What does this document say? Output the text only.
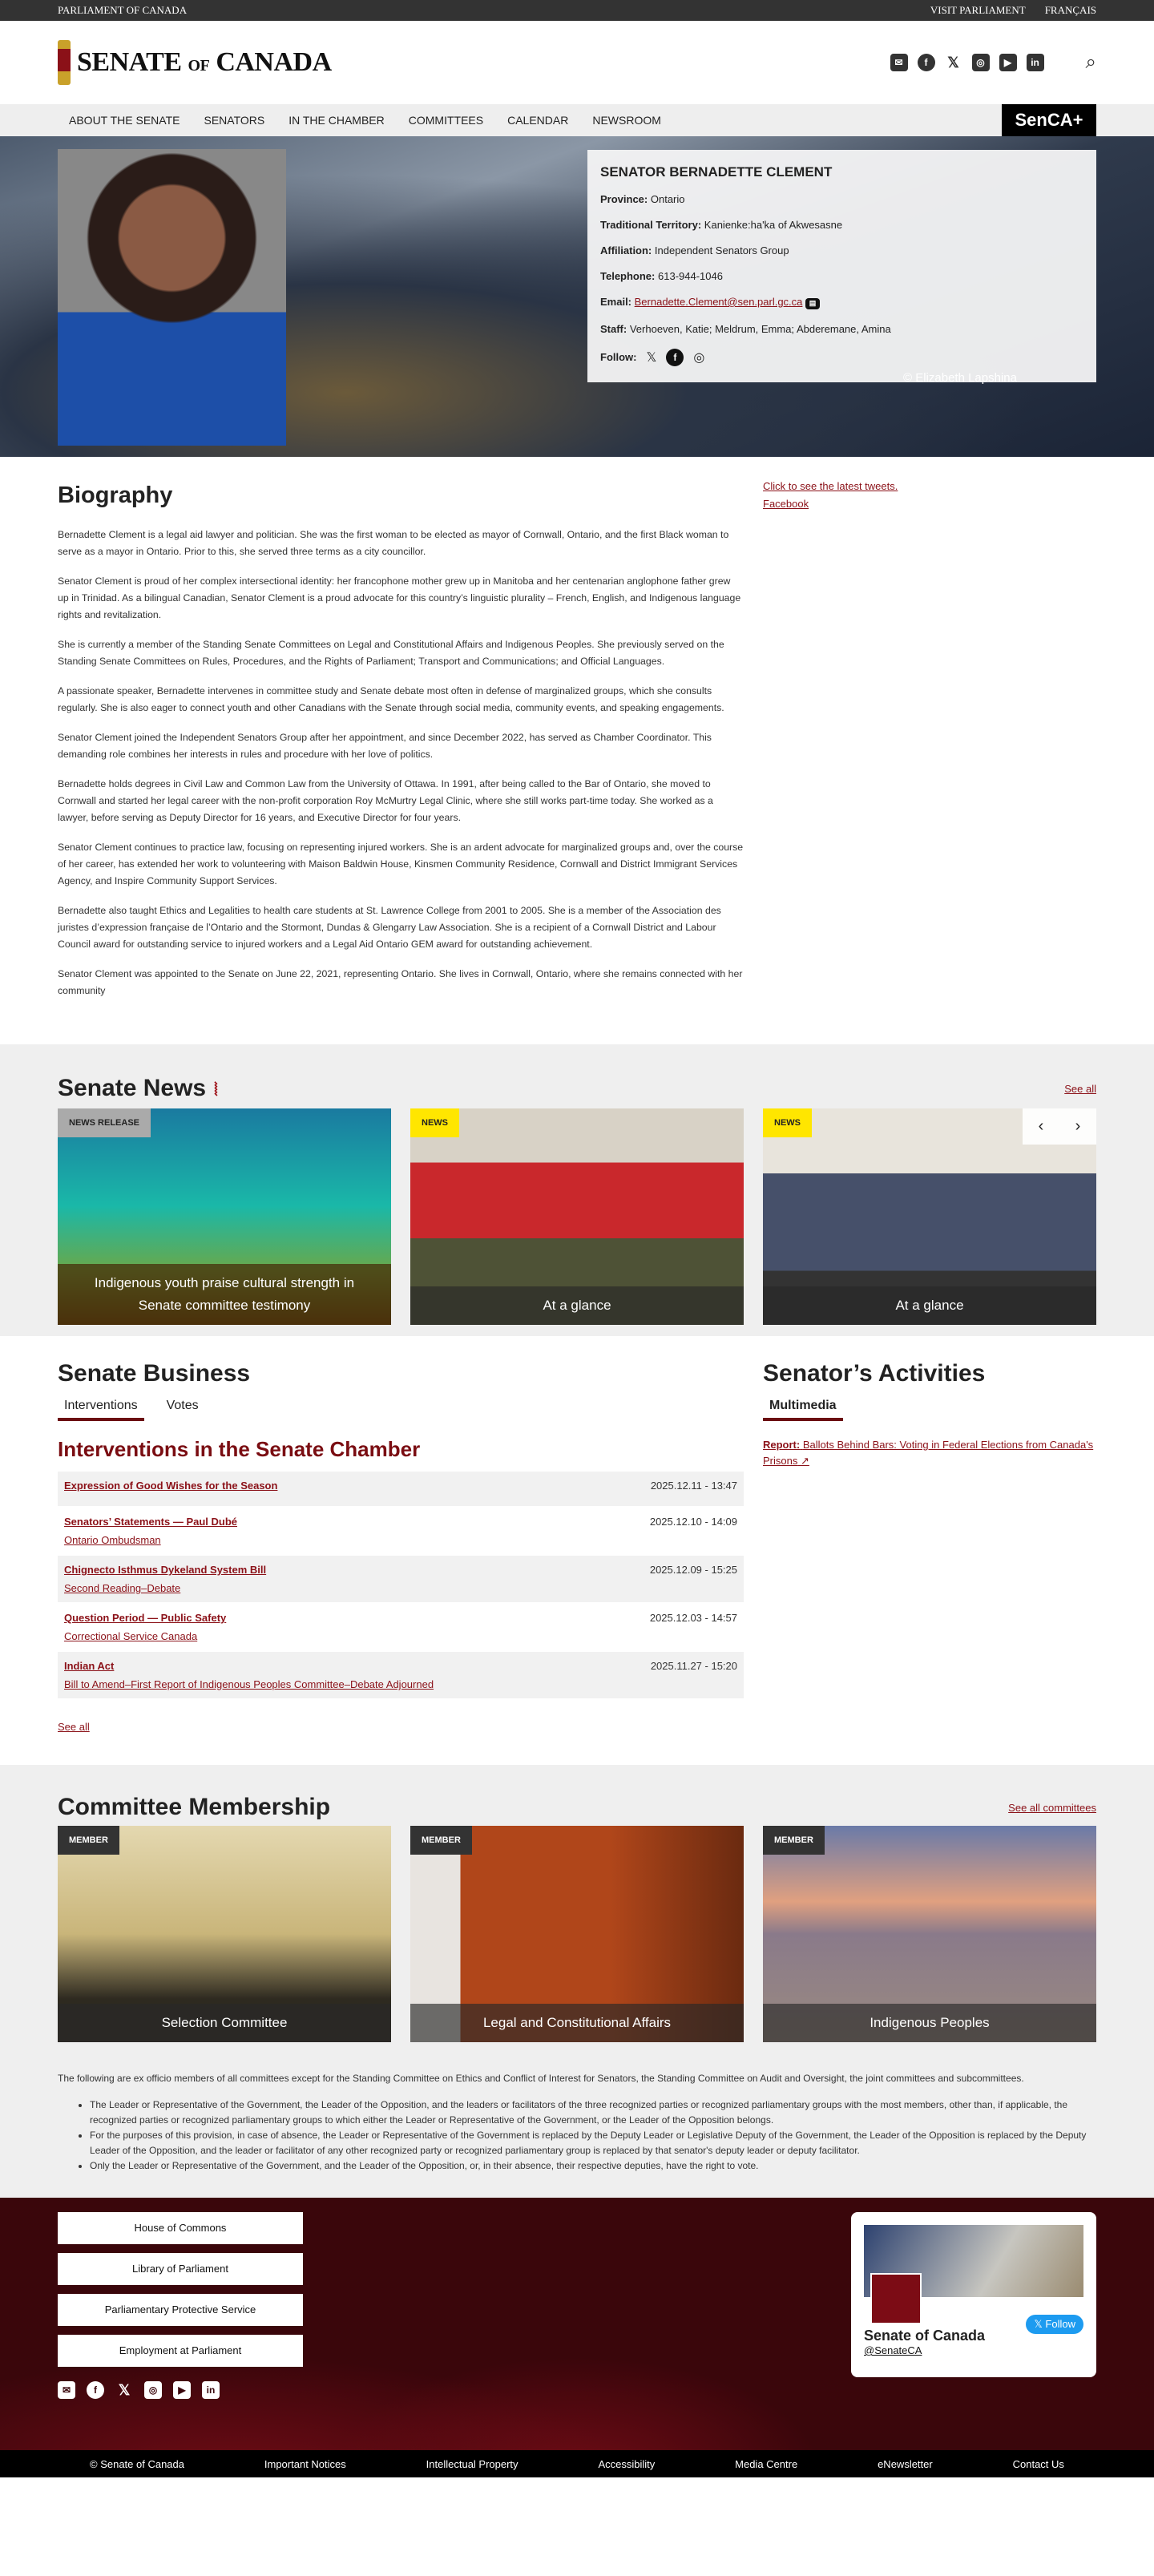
PARLIAMENT OF CANADA	VISIT PARLIAMENT FRANÇAIS
SENATE OF CANADA	✉	f	𝕏	◎	▶	in ⌕
ABOUT THE SENATE SENATORS IN THE CHAMBER COMMITTEES CALENDAR NEWSROOM	SenCA+
SENATOR BERNADETTE CLEMENT

Province: Ontario

Traditional Territory: Kanienke:ha'ka of Akwesasne

Affiliation: Independent Senators Group

Telephone: 613-944-1046

Email: Bernadette.Clement@sen.parl.gc.ca ▤

Staff: Verhoeven, Katie; Meldrum, Emma; Abderemane, Amina

Follow: 𝕏	f	◎
© Elizabeth Lapshina
Biography

Bernadette Clement is a legal aid lawyer and politician. She was the first woman to be elected as mayor of Cornwall, Ontario, and the first Black woman to serve as a mayor in Ontario. Prior to this, she served three terms as a city councillor.

Senator Clement is proud of her complex intersectional identity: her francophone mother grew up in Manitoba and her centenarian anglophone father grew up in Trinidad. As a bilingual Canadian, Senator Clement is a proud advocate for this country’s linguistic plurality – French, English, and Indigenous language rights and revitalization.

She is currently a member of the Standing Senate Committees on Legal and Constitutional Affairs and Indigenous Peoples. She previously served on the Standing Senate Committees on Rules, Procedures, and the Rights of Parliament; Transport and Communications; and Official Languages.

A passionate speaker, Bernadette intervenes in committee study and Senate debate most often in defense of marginalized groups, which she consults regularly. She is also eager to connect youth and other Canadians with the Senate through social media, community events, and speaking engagements.

Senator Clement joined the Independent Senators Group after her appointment, and since December 2022, has served as Chamber Coordinator. This demanding role combines her interests in rules and procedure with her love of politics.

Bernadette holds degrees in Civil Law and Common Law from the University of Ottawa. In 1991, after being called to the Bar of Ontario, she moved to Cornwall and started her legal career with the non-profit corporation Roy McMurtry Legal Clinic, where she still works part-time today. She worked as a lawyer, before serving as Deputy Director for 16 years, and Executive Director for four years.

Senator Clement continues to practice law, focusing on representing injured workers. She is an ardent advocate for marginalized groups and, over the course of her career, has extended her work to volunteering with Maison Baldwin House, Kinsmen Community Residence, Cornwall and District Immigrant Services Agency, and Inspire Community Support Services.

Bernadette also taught Ethics and Legalities to health care students at St. Lawrence College from 2001 to 2005. She is a member of the Association des juristes d’expression française de l’Ontario and the Stormont, Dundas & Glengarry Law Association. She is a recipient of a Cornwall District and Labour Council award for outstanding service to injured workers and a Legal Aid Ontario GEM award for outstanding achievement.

Senator Clement was appointed to the Senate on June 22, 2021, representing Ontario. She lives in Cornwall, Ontario, where she remains connected with her community

Click to see the latest tweets.
Facebook
Senate News ⦚	See all
NEWS RELEASE
Indigenous youth praise cultural strength in Senate committee testimony
NEWS
At a glance
NEWS	‹	›
At a glance
Senate Business
Interventions	Votes
Interventions in the Senate Chamber
Expression of Good Wishes for the Season	2025.12.11 - 13:47
Senators’ Statements — Paul Dubé
Ontario Ombudsman
2025.12.10 - 14:09
Chignecto Isthmus Dykeland System Bill
Second Reading–Debate
2025.12.09 - 15:25
Question Period — Public Safety
Correctional Service Canada
2025.12.03 - 14:57
Indian Act
Bill to Amend–First Report of Indigenous Peoples Committee–Debate Adjourned
2025.11.27 - 15:20
See all
Senator’s Activities
Multimedia
Report: Ballots Behind Bars: Voting in Federal Elections from Canada's Prisons ↗
Committee Membership	See all committees
MEMBER
Selection Committee
MEMBER
Legal and Constitutional Affairs
MEMBER
Indigenous Peoples

The following are ex officio members of all committees except for the Standing Committee on Ethics and Conflict of Interest for Senators, the Standing Committee on Audit and Oversight, the joint committees and subcommittees.

• The Leader or Representative of the Government, the Leader of the Opposition, and the leaders or facilitators of the three recognized parties or recognized parliamentary groups with the most members, other than, if applicable, the recognized parties or recognized parliamentary groups to which either the Leader or Representative of the Government, or the Leader of the Opposition belongs.
• For the purposes of this provision, in case of absence, the Leader or Representative of the Government is replaced by the Deputy Leader or Legislative Deputy of the Government, the Leader of the Opposition is replaced by the Deputy Leader of the Opposition, and the leader or facilitator of any other recognized party or recognized parliamentary group is replaced by that senator's deputy leader or deputy facilitator.
• Only the Leader or Representative of the Government, and the Leader of the Opposition, or, in their absence, their respective deputies, have the right to vote.
House of Commons
Library of Parliament
Parliamentary Protective Service
Employment at Parliament
✉	f	𝕏	◎	▶	in
𝕏 Follow
Senate of Canada
@SenateCA
© Senate of Canada	Important Notices	Intellectual Property	Accessibility	Media Centre	eNewsletter	Contact Us
